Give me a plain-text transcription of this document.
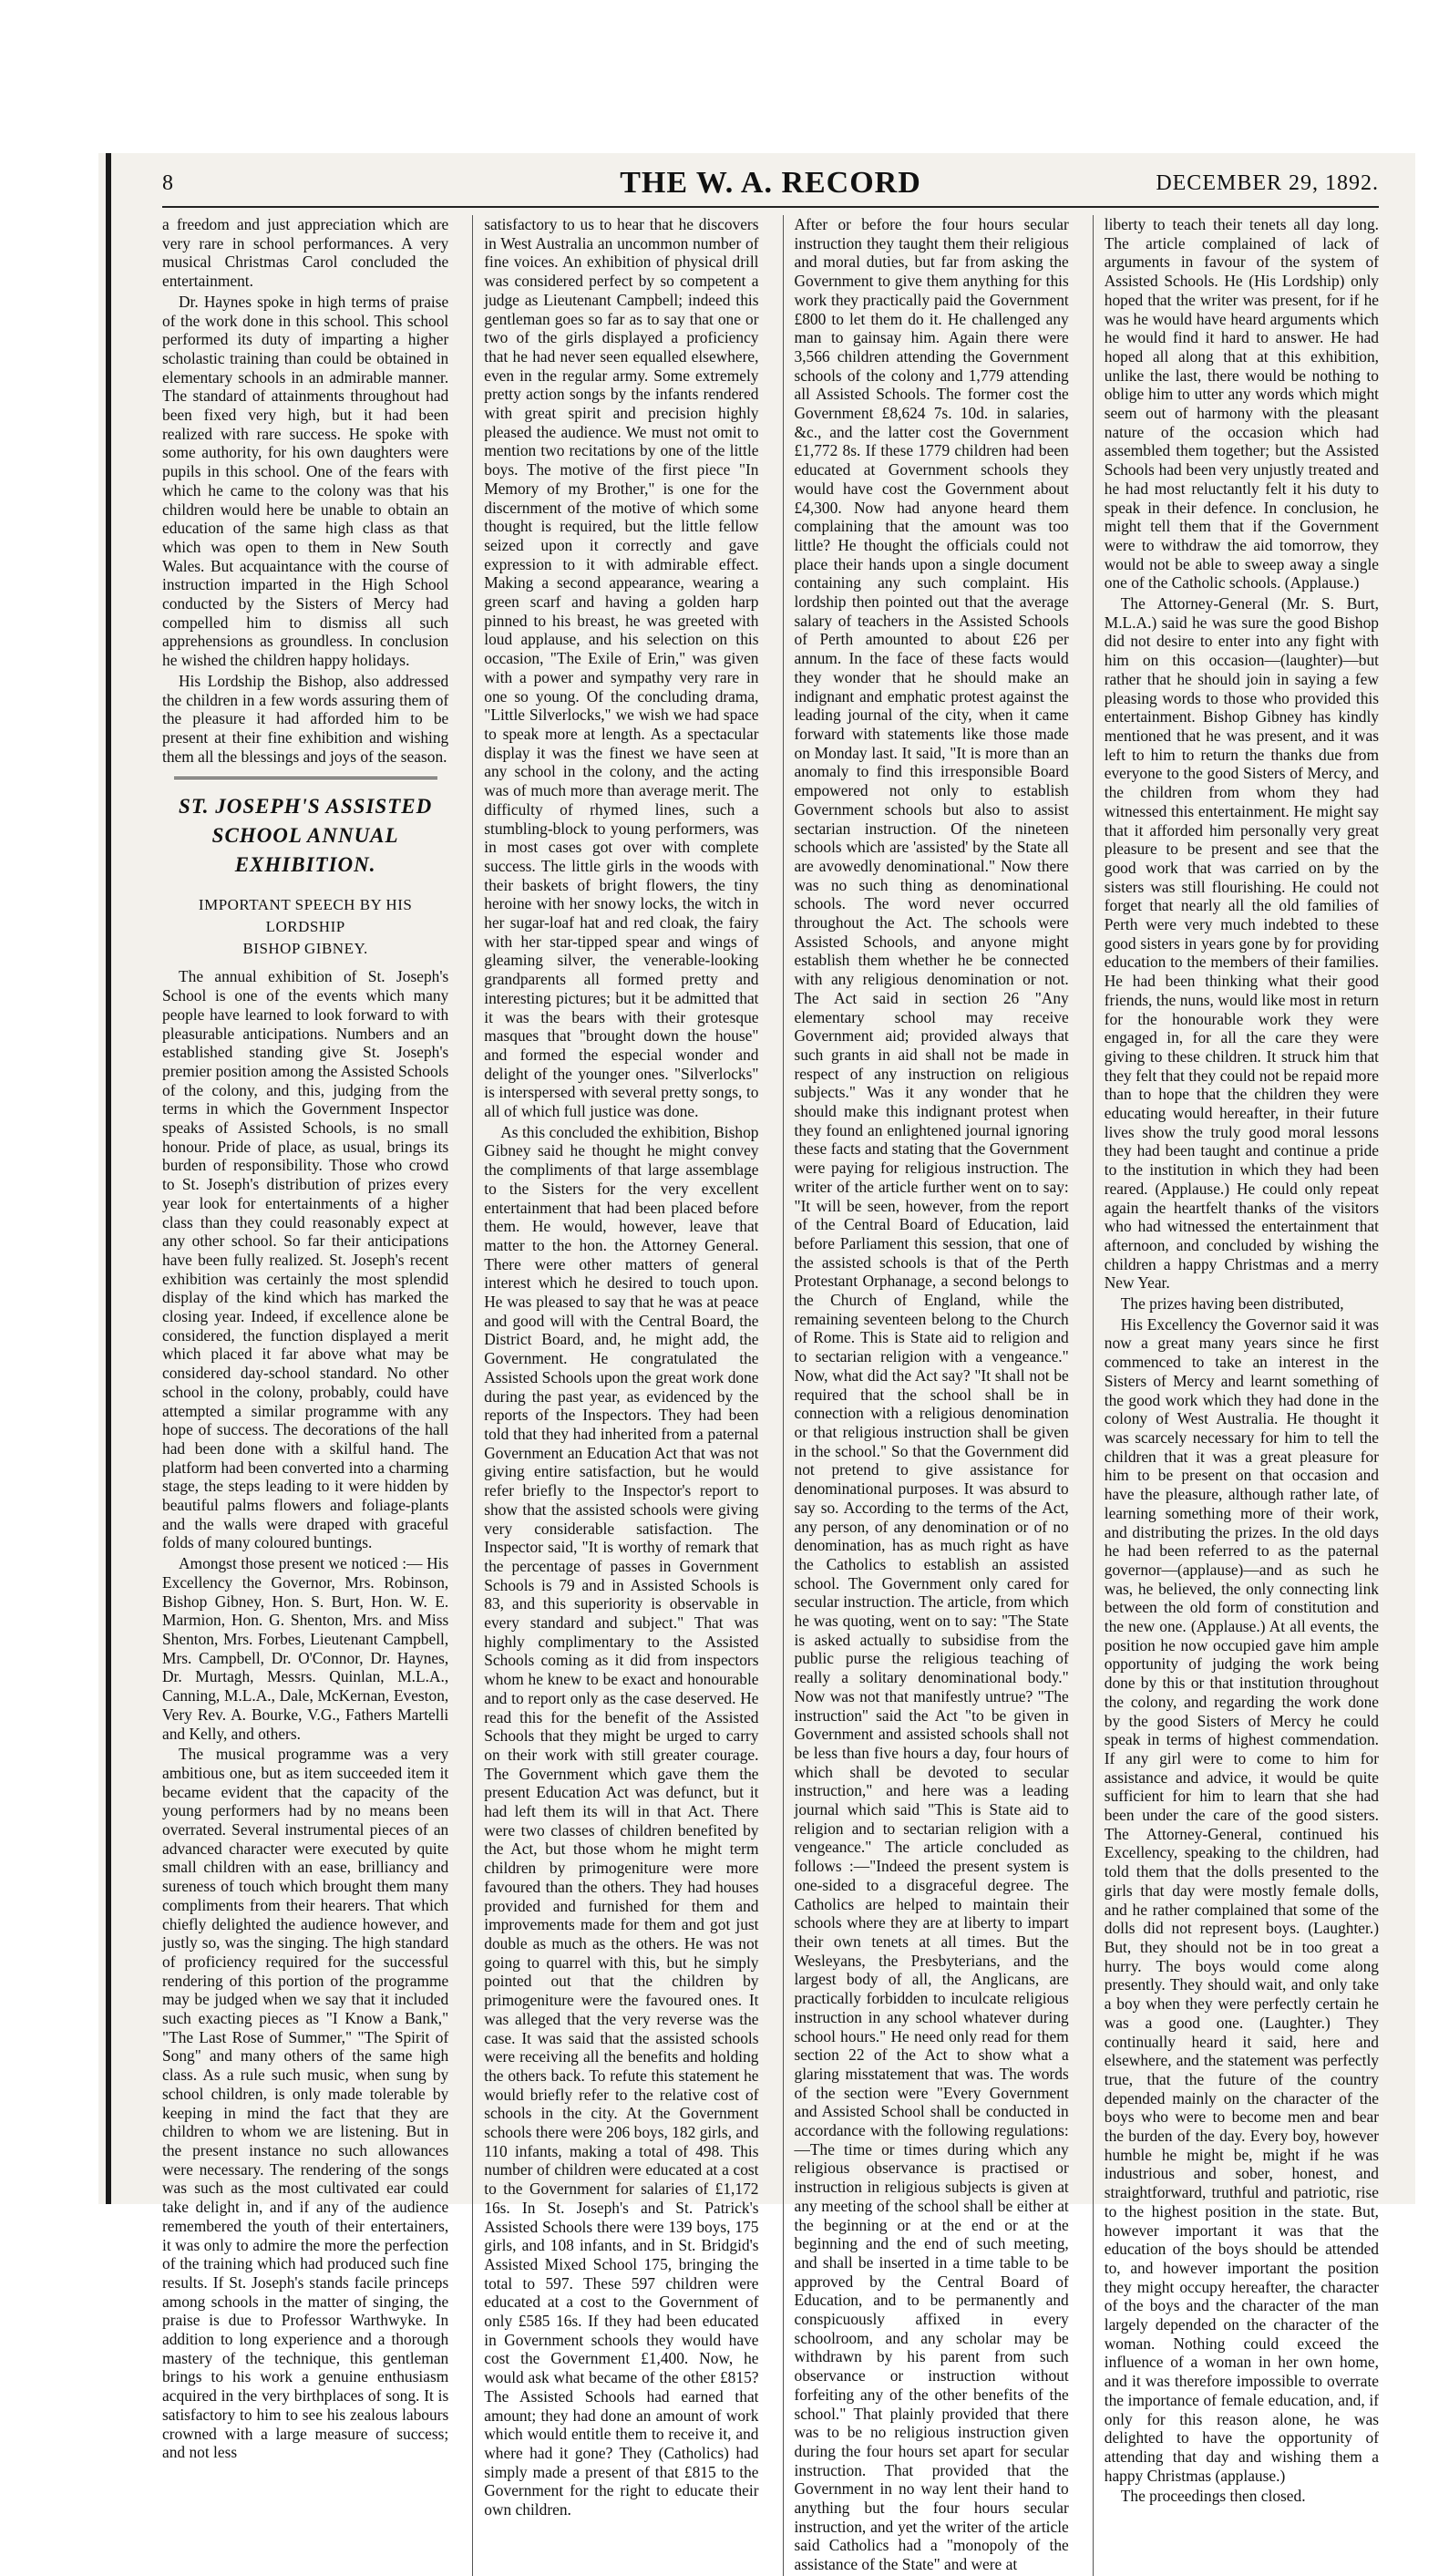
8	THE W. A. RECORD	DECEMBER 29, 1892.

a freedom and just appreciation which are very rare in school performances. A very musical Christmas Carol concluded the entertainment.

Dr. Haynes spoke in high terms of praise of the work done in this school. This school performed its duty of imparting a higher scholastic training than could be obtained in elementary schools in an admirable manner. The standard of attainments throughout had been fixed very high, but it had been realized with rare success. He spoke with some authority, for his own daughters were pupils in this school. One of the fears with which he came to the colony was that his children would here be unable to obtain an education of the same high class as that which was open to them in New South Wales. But acquaintance with the course of instruction imparted in the High School conducted by the Sisters of Mercy had compelled him to dismiss all such apprehensions as groundless. In conclusion he wished the children happy holidays.

His Lordship the Bishop, also addressed the children in a few words assuring them of the pleasure it had afforded him to be present at their fine exhibition and wishing them all the blessings and joys of the season.

ST. JOSEPH'S ASSISTED
SCHOOL ANNUAL EXHIBITION.
IMPORTANT SPEECH BY HIS LORDSHIP
BISHOP GIBNEY.

The annual exhibition of St. Joseph's School is one of the events which many people have learned to look forward to with pleasurable anticipations. Numbers and an established standing give St. Joseph's premier position among the Assisted Schools of the colony, and this, judging from the terms in which the Government Inspector speaks of Assisted Schools, is no small honour. Pride of place, as usual, brings its burden of responsibility. Those who crowd to St. Joseph's distribution of prizes every year look for entertainments of a higher class than they could reasonably expect at any other school. So far their anticipations have been fully realized. St. Joseph's recent exhibition was certainly the most splendid display of the kind which has marked the closing year. Indeed, if excellence alone be considered, the function displayed a merit which placed it far above what may be considered day-school standard. No other school in the colony, probably, could have attempted a similar programme with any hope of success. The decorations of the hall had been done with a skilful hand. The platform had been converted into a charming stage, the steps leading to it were hidden by beautiful palms flowers and foliage-plants and the walls were draped with graceful folds of many coloured buntings.

Amongst those present we noticed :— His Excellency the Governor, Mrs. Robinson, Bishop Gibney, Hon. S. Burt, Hon. W. E. Marmion, Hon. G. Shenton, Mrs. and Miss Shenton, Mrs. Forbes, Lieutenant Campbell, Mrs. Campbell, Dr. O'Connor, Dr. Haynes, Dr. Murtagh, Messrs. Quinlan, M.L.A., Canning, M.L.A., Dale, McKernan, Eveston, Very Rev. A. Bourke, V.G., Fathers Martelli and Kelly, and others.

The musical programme was a very ambitious one, but as item succeeded item it became evident that the capacity of the young performers had by no means been overrated. Several instrumental pieces of an advanced character were executed by quite small children with an ease, brilliancy and sureness of touch which brought them many compliments from their hearers. That which chiefly delighted the audience however, and justly so, was the singing. The high standard of proficiency required for the successful rendering of this portion of the programme may be judged when we say that it included such exacting pieces as "I Know a Bank," "The Last Rose of Summer," "The Spirit of Song" and many others of the same high class. As a rule such music, when sung by school children, is only made tolerable by keeping in mind the fact that they are children to whom we are listening. But in the present instance no such allowances were necessary. The rendering of the songs was such as the most cultivated ear could take delight in, and if any of the audience remembered the youth of their entertainers, it was only to admire the more the perfection of the training which had produced such fine results. If St. Joseph's stands facile princeps among schools in the matter of singing, the praise is due to Professor Warthwyke. In addition to long experience and a thorough mastery of the technique, this gentleman brings to his work a genuine enthusiasm acquired in the very birthplaces of song. It is satisfactory to him to see his zealous labours crowned with a large measure of success; and not less

satisfactory to us to hear that he discovers in West Australia an uncommon number of fine voices. An exhibition of physical drill was considered perfect by so competent a judge as Lieutenant Campbell; indeed this gentleman goes so far as to say that one or two of the girls displayed a proficiency that he had never seen equalled elsewhere, even in the regular army. Some extremely pretty action songs by the infants rendered with great spirit and precision highly pleased the audience. We must not omit to mention two recitations by one of the little boys. The motive of the first piece "In Memory of my Brother," is one for the discernment of the motive of which some thought is required, but the little fellow seized upon it correctly and gave expression to it with admirable effect. Making a second appearance, wearing a green scarf and having a golden harp pinned to his breast, he was greeted with loud applause, and his selection on this occasion, "The Exile of Erin," was given with a power and sympathy very rare in one so young. Of the concluding drama, "Little Silverlocks," we wish we had space to speak more at length. As a spectacular display it was the finest we have seen at any school in the colony, and the acting was of much more than average merit. The difficulty of rhymed lines, such a stumbling-block to young performers, was in most cases got over with complete success. The little girls in the woods with their baskets of bright flowers, the tiny heroine with her snowy locks, the witch in her sugar-loaf hat and red cloak, the fairy with her star-tipped spear and wings of gleaming silver, the venerable-looking grandparents all formed pretty and interesting pictures; but it be admitted that it was the bears with their grotesque masques that "brought down the house" and formed the especial wonder and delight of the younger ones. "Silverlocks" is interspersed with several pretty songs, to all of which full justice was done.

As this concluded the exhibition, Bishop Gibney said he thought he might convey the compliments of that large assemblage to the Sisters for the very excellent entertainment that had been placed before them. He would, however, leave that matter to the hon. the Attorney General. There were other matters of general interest which he desired to touch upon. He was pleased to say that he was at peace and good will with the Central Board, the District Board, and, he might add, the Government. He congratulated the Assisted Schools upon the great work done during the past year, as evidenced by the reports of the Inspectors. They had been told that they had inherited from a paternal Government an Education Act that was not giving entire satisfaction, but he would refer briefly to the Inspector's report to show that the assisted schools were giving very considerable satisfaction. The Inspector said, "It is worthy of remark that the percentage of passes in Government Schools is 79 and in Assisted Schools is 83, and this superiority is observable in every standard and subject." That was highly complimentary to the Assisted Schools coming as it did from inspectors whom he knew to be exact and honourable and to report only as the case deserved. He read this for the benefit of the Assisted Schools that they might be urged to carry on their work with still greater courage. The Government which gave them the present Education Act was defunct, but it had left them its will in that Act. There were two classes of children benefited by the Act, but those whom he might term children by primogeniture were more favoured than the others. They had houses provided and furnished for them and improvements made for them and got just double as much as the others. He was not going to quarrel with this, but he simply pointed out that the children by primogeniture were the favoured ones. It was alleged that the very reverse was the case. It was said that the assisted schools were receiving all the benefits and holding the others back. To refute this statement he would briefly refer to the relative cost of schools in the city. At the Government schools there were 206 boys, 182 girls, and 110 infants, making a total of 498. This number of children were educated at a cost to the Government for salaries of £1,172 16s. In St. Joseph's and St. Patrick's Assisted Schools there were 139 boys, 175 girls, and 108 infants, and in St. Bridgid's Assisted Mixed School 175, bringing the total to 597. These 597 children were educated at a cost to the Government of only £585 16s. If they had been educated in Government schools they would have cost the Government £1,400. Now, he would ask what became of the other £815? The Assisted Schools had earned that amount; they had done an amount of work which would entitle them to receive it, and where had it gone? They (Catholics) had simply made a present of that £815 to the Government for the right to educate their own children.

After or before the four hours secular instruction they taught them their religious and moral duties, but far from asking the Government to give them anything for this work they practically paid the Government £800 to let them do it. He challenged any man to gainsay him. Again there were 3,566 children attending the Government schools of the colony and 1,779 attending all Assisted Schools. The former cost the Government £8,624 7s. 10d. in salaries, &c., and the latter cost the Government £1,772 8s. If these 1779 children had been educated at Government schools they would have cost the Government about £4,300. Now had anyone heard them complaining that the amount was too little? He thought the officials could not place their hands upon a single document containing any such complaint. His lordship then pointed out that the average salary of teachers in the Assisted Schools of Perth amounted to about £26 per annum. In the face of these facts would they wonder that he should make an indignant and emphatic protest against the leading journal of the city, when it came forward with statements like those made on Monday last. It said, "It is more than an anomaly to find this irresponsible Board empowered not only to establish Government schools but also to assist sectarian instruction. Of the nineteen schools which are 'assisted' by the State all are avowedly denominational." Now there was no such thing as denominational schools. The word never occurred throughout the Act. The schools were Assisted Schools, and anyone might establish them whether he be connected with any religious denomination or not. The Act said in section 26 "Any elementary school may receive Government aid; provided always that such grants in aid shall not be made in respect of any instruction on religious subjects." Was it any wonder that he should make this indignant protest when they found an enlightened journal ignoring these facts and stating that the Government were paying for religious instruction. The writer of the article further went on to say: "It will be seen, however, from the report of the Central Board of Education, laid before Parliament this session, that one of the assisted schools is that of the Perth Protestant Orphanage, a second belongs to the Church of England, while the remaining seventeen belong to the Church of Rome. This is State aid to religion and to sectarian religion with a vengeance." Now, what did the Act say? "It shall not be required that the school shall be in connection with a religious denomination or that religious instruction shall be given in the school." So that the Government did not pretend to give assistance for denominational purposes. It was absurd to say so. According to the terms of the Act, any person, of any denomination or of no denomination, has as much right as have the Catholics to establish an assisted school. The Government only cared for secular instruction. The article, from which he was quoting, went on to say: "The State is asked actually to subsidise from the public purse the religious teaching of really a solitary denominational body." Now was not that manifestly untrue? "The instruction" said the Act "to be given in Government and assisted schools shall not be less than five hours a day, four hours of which shall be devoted to secular instruction," and here was a leading journal which said "This is State aid to religion and to sectarian religion with a vengeance." The article concluded as follows :—"Indeed the present system is one-sided to a disgraceful degree. The Catholics are helped to maintain their schools where they are at liberty to impart their own tenets at all times. But the Wesleyans, the Presbyterians, and the largest body of all, the Anglicans, are practically forbidden to inculcate religious instruction in any school whatever during school hours." He need only read for them section 22 of the Act to show what a glaring misstatement that was. The words of the section were "Every Government and Assisted School shall be conducted in accordance with the following regulations:—The time or times during which any religious observance is practised or instruction in religious subjects is given at any meeting of the school shall be either at the beginning or at the end or at the beginning and the end of such meeting, and shall be inserted in a time table to be approved by the Central Board of Education, and to be permanently and conspicuously affixed in every schoolroom, and any scholar may be withdrawn by his parent from such observance or instruction without forfeiting any of the other benefits of the school." That plainly provided that there was to be no religious instruction given during the four hours set apart for secular instruction. That provided that the Government in no way lent their hand to anything but the four hours secular instruction, and yet the writer of the article said Catholics had a "monopoly of the assistance of the State" and were at

liberty to teach their tenets all day long. The article complained of lack of arguments in favour of the system of Assisted Schools. He (His Lordship) only hoped that the writer was present, for if he was he would have heard arguments which he would find it hard to answer. He had hoped all along that at this exhibition, unlike the last, there would be nothing to oblige him to utter any words which might seem out of harmony with the pleasant nature of the occasion which had assembled them together; but the Assisted Schools had been very unjustly treated and he had most reluctantly felt it his duty to speak in their defence. In conclusion, he might tell them that if the Government were to withdraw the aid tomorrow, they would not be able to sweep away a single one of the Catholic schools. (Applause.)

The Attorney-General (Mr. S. Burt, M.L.A.) said he was sure the good Bishop did not desire to enter into any fight with him on this occasion—(laughter)—but rather that he should join in saying a few pleasing words to those who provided this entertainment. Bishop Gibney has kindly mentioned that he was present, and it was left to him to return the thanks due from everyone to the good Sisters of Mercy, and the children from whom they had witnessed this entertainment. He might say that it afforded him personally very great pleasure to be present and see that the good work that was carried on by the sisters was still flourishing. He could not forget that nearly all the old families of Perth were very much indebted to these good sisters in years gone by for providing education to the members of their families. He had been thinking what their good friends, the nuns, would like most in return for the honourable work they were engaged in, for all the care they were giving to these children. It struck him that they felt that they could not be repaid more than to hope that the children they were educating would hereafter, in their future lives show the truly good moral lessons they had been taught and continue a pride to the institution in which they had been reared. (Applause.) He could only repeat again the heartfelt thanks of the visitors who had witnessed the entertainment that afternoon, and concluded by wishing the children a happy Christmas and a merry New Year.

The prizes having been distributed,

His Excellency the Governor said it was now a great many years since he first commenced to take an interest in the Sisters of Mercy and learnt something of the good work which they had done in the colony of West Australia. He thought it was scarcely necessary for him to tell the children that it was a great pleasure for him to be present on that occasion and have the pleasure, although rather late, of learning something more of their work, and distributing the prizes. In the old days he had been referred to as the paternal governor—(applause)—and as such he was, he believed, the only connecting link between the old form of constitution and the new one. (Applause.) At all events, the position he now occupied gave him ample opportunity of judging the work being done by this or that institution throughout the colony, and regarding the work done by the good Sisters of Mercy he could speak in terms of highest commendation. If any girl were to come to him for assistance and advice, it would be quite sufficient for him to learn that she had been under the care of the good sisters. The Attorney-General, continued his Excellency, speaking to the children, had told them that the dolls presented to the girls that day were mostly female dolls, and he rather complained that some of the dolls did not represent boys. (Laughter.) But, they should not be in too great a hurry. The boys would come along presently. They should wait, and only take a boy when they were perfectly certain he was a good one. (Laughter.) They continually heard it said, here and elsewhere, and the statement was perfectly true, that the future of the country depended mainly on the character of the boys who were to become men and bear the burden of the day. Every boy, however humble he might be, might if he was industrious and sober, honest, and straightforward, truthful and patriotic, rise to the highest position in the state. But, however important it was that the education of the boys should be attended to, and however important the position they might occupy hereafter, the character of the boys and the character of the man largely depended on the character of the woman. Nothing could exceed the influence of a woman in her own home, and it was therefore impossible to overrate the importance of female education, and, if only for this reason alone, he was delighted to have the opportunity of attending that day and wishing them a happy Christmas (applause.)

The proceedings then closed.
